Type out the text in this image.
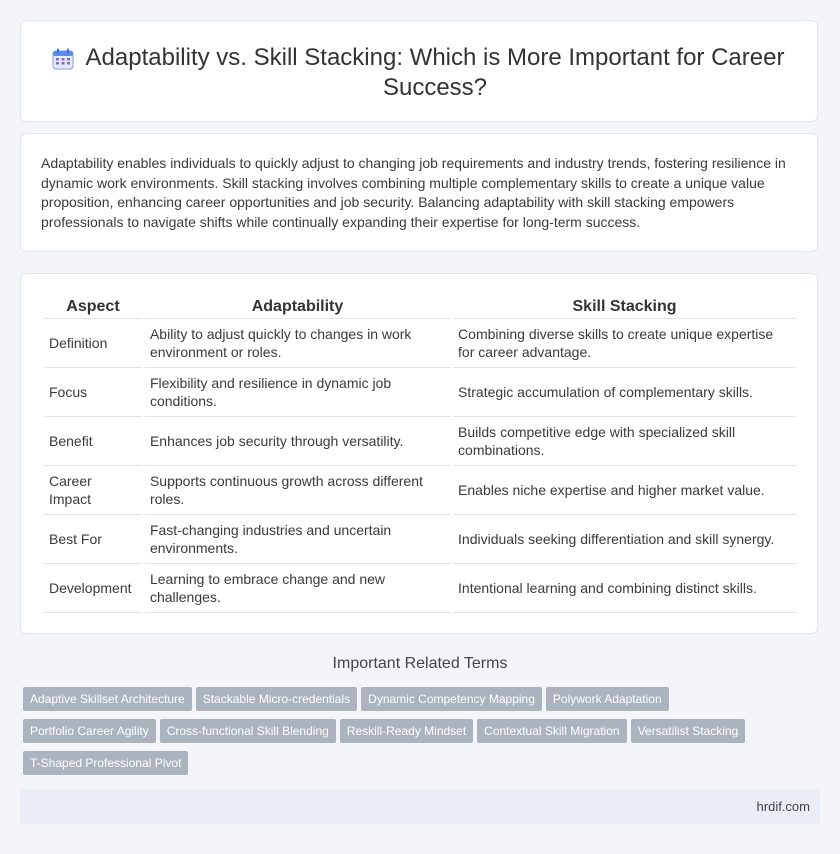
Adaptability vs. Skill Stacking: Which is More Important for Career Success?

Adaptability enables individuals to quickly adjust to changing job requirements and industry trends, fostering resilience in dynamic work environments. Skill stacking involves combining multiple complementary skills to create a unique value proposition, enhancing career opportunities and job security. Balancing adaptability with skill stacking empowers professionals to navigate shifts while continually expanding their expertise for long-term success.

Aspect	Adaptability	Skill Stacking
Definition	Ability to adjust quickly to changes in work environment or roles.	Combining diverse skills to create unique expertise for career advantage.
Focus	Flexibility and resilience in dynamic job conditions.	Strategic accumulation of complementary skills.
Benefit	Enhances job security through versatility.	Builds competitive edge with specialized skill combinations.
Career Impact	Supports continuous growth across different roles.	Enables niche expertise and higher market value.
Best For	Fast-changing industries and uncertain environments.	Individuals seeking differentiation and skill synergy.
Development	Learning to embrace change and new challenges.	Intentional learning and combining distinct skills.
Important Related Terms
Adaptive Skillset Architecture Stackable Micro-credentials Dynamic Competency Mapping Polywork Adaptation
Portfolio Career Agility Cross-functional Skill Blending Reskill-Ready Mindset Contextual Skill Migration Versatilist Stacking
T-Shaped Professional Pivot
hrdif.com
